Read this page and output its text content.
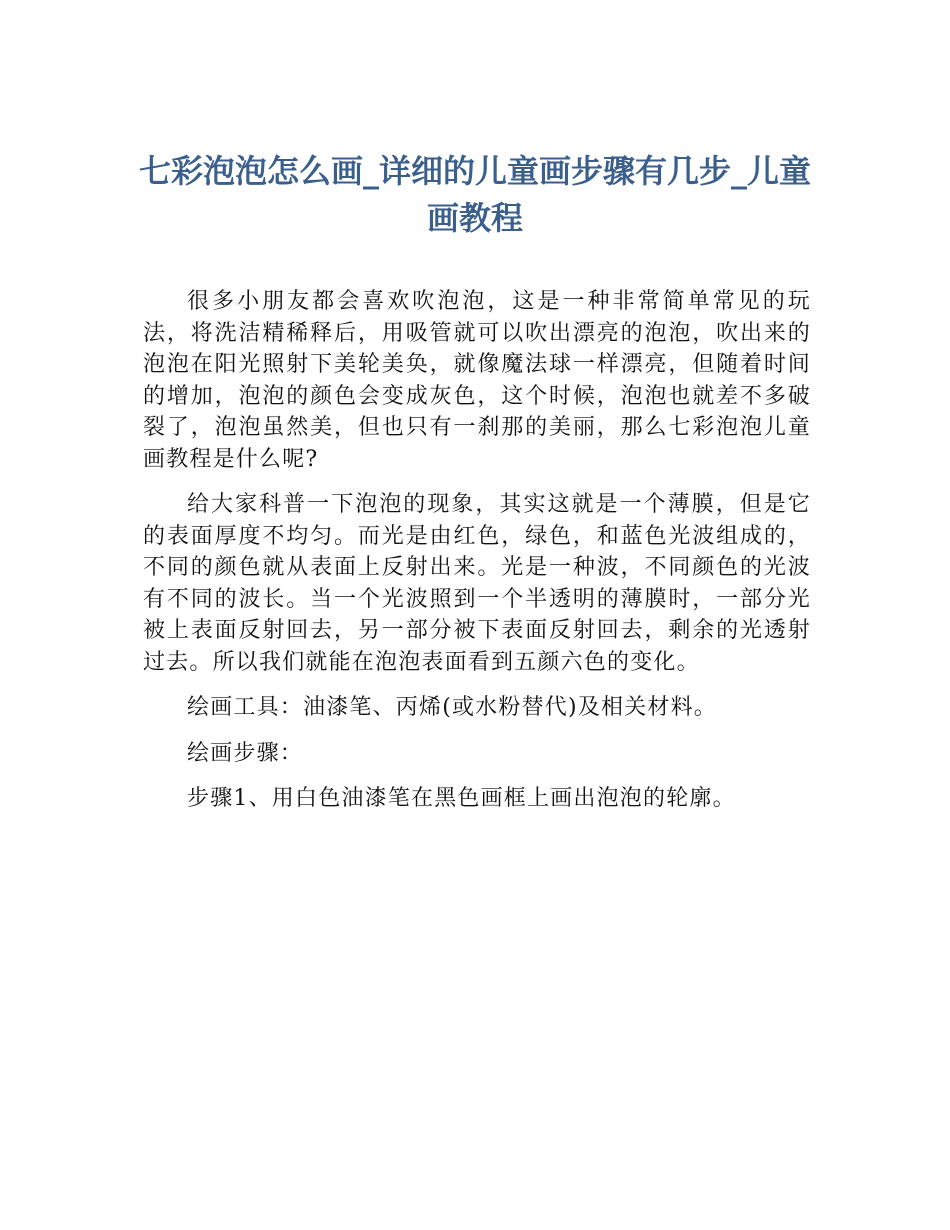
七彩泡泡怎么画_详细的儿童画步骤有几步_儿童画教程

很多小朋友都会喜欢吹泡泡，这是一种非常简单常见的玩法，将洗洁精稀释后，用吸管就可以吹出漂亮的泡泡，吹出来的泡泡在阳光照射下美轮美奂，就像魔法球一样漂亮，但随着时间的增加，泡泡的颜色会变成灰色，这个时候，泡泡也就差不多破裂了，泡泡虽然美，但也只有一刹那的美丽，那么七彩泡泡儿童画教程是什么呢?

给大家科普一下泡泡的现象，其实这就是一个薄膜，但是它的表面厚度不均匀。而光是由红色，绿色，和蓝色光波组成的，不同的颜色就从表面上反射出来。光是一种波，不同颜色的光波有不同的波长。当一个光波照到一个半透明的薄膜时，一部分光被上表面反射回去，另一部分被下表面反射回去，剩余的光透射过去。所以我们就能在泡泡表面看到五颜六色的变化。

绘画工具：油漆笔、丙烯(或水粉替代)及相关材料。

绘画步骤：

步骤1、用白色油漆笔在黑色画框上画出泡泡的轮廓。
